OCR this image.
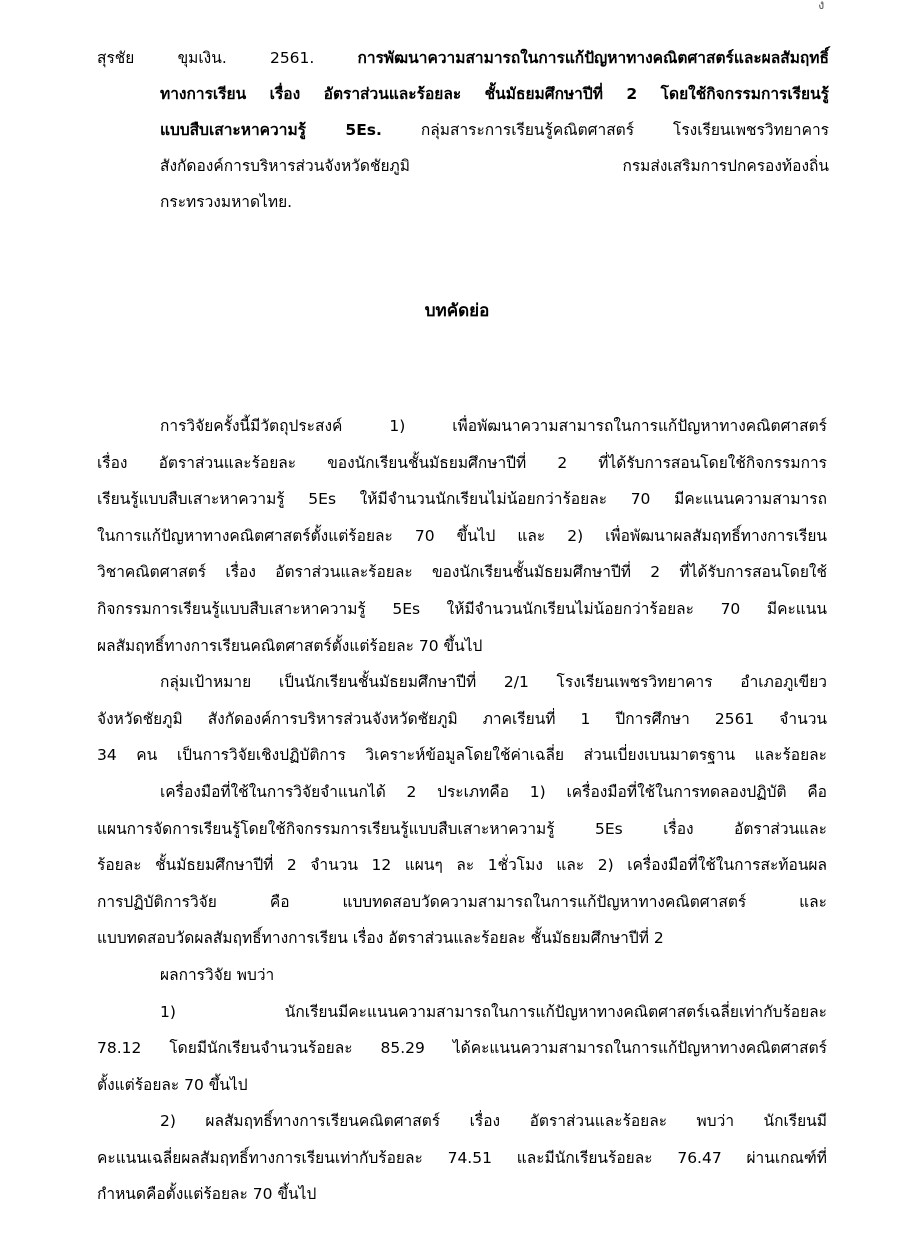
ง
สุรชัย ขุมเงิน. 2561. การพัฒนาความสามารถในการแก้ปัญหาทางคณิตศาสตร์และผลสัมฤทธิ์
ทางการเรียน เรื่อง อัตราส่วนและร้อยละ ชั้นมัธยมศึกษาปีที่ 2 โดยใช้กิจกรรมการเรียนรู้
แบบสืบเสาะหาความรู้ 5Es. กลุ่มสาระการเรียนรู้คณิตศาสตร์ โรงเรียนเพชรวิทยาคาร
สังกัดองค์การบริหารส่วนจังหวัดชัยภูมิ กรมส่งเสริมการปกครองท้องถิ่น
กระทรวงมหาดไทย.
บทคัดย่อ
การวิจัยครั้งนี้มีวัตถุประสงค์ 1) เพื่อพัฒนาความสามารถในการแก้ปัญหาทางคณิตศาสตร์
เรื่อง อัตราส่วนและร้อยละ ของนักเรียนชั้นมัธยมศึกษาปีที่ 2 ที่ได้รับการสอนโดยใช้กิจกรรมการ
เรียนรู้แบบสืบเสาะหาความรู้ 5Es ให้มีจำนวนนักเรียนไม่น้อยกว่าร้อยละ 70 มีคะแนนความสามารถ
ในการแก้ปัญหาทางคณิตศาสตร์ตั้งแต่ร้อยละ 70 ขึ้นไป และ 2) เพื่อพัฒนาผลสัมฤทธิ์ทางการเรียน
วิชาคณิตศาสตร์ เรื่อง อัตราส่วนและร้อยละ ของนักเรียนชั้นมัธยมศึกษาปีที่ 2 ที่ได้รับการสอนโดยใช้
กิจกรรมการเรียนรู้แบบสืบเสาะหาความรู้ 5Es ให้มีจำนวนนักเรียนไม่น้อยกว่าร้อยละ 70 มีคะแนน
ผลสัมฤทธิ์ทางการเรียนคณิตศาสตร์ตั้งแต่ร้อยละ 70 ขึ้นไป
กลุ่มเป้าหมาย เป็นนักเรียนชั้นมัธยมศึกษาปีที่ 2/1 โรงเรียนเพชรวิทยาคาร อำเภอภูเขียว
จังหวัดชัยภูมิ สังกัดองค์การบริหารส่วนจังหวัดชัยภูมิ ภาคเรียนที่ 1 ปีการศึกษา 2561 จำนวน
34 คน เป็นการวิจัยเชิงปฏิบัติการ วิเคราะห์ข้อมูลโดยใช้ค่าเฉลี่ย ส่วนเบี่ยงเบนมาตรฐาน และร้อยละ
เครื่องมือที่ใช้ในการวิจัยจำแนกได้ 2 ประเภทคือ 1) เครื่องมือที่ใช้ในการทดลองปฏิบัติ คือ
แผนการจัดการเรียนรู้โดยใช้กิจกรรมการเรียนรู้แบบสืบเสาะหาความรู้ 5Es เรื่อง อัตราส่วนและ
ร้อยละ ชั้นมัธยมศึกษาปีที่ 2 จำนวน 12 แผนๆ ละ 1ชั่วโมง และ 2) เครื่องมือที่ใช้ในการสะท้อนผล
การปฏิบัติการวิจัย คือ แบบทดสอบวัดความสามารถในการแก้ปัญหาทางคณิตศาสตร์ และ
แบบทดสอบวัดผลสัมฤทธิ์ทางการเรียน เรื่อง อัตราส่วนและร้อยละ ชั้นมัธยมศึกษาปีที่ 2
ผลการวิจัย พบว่า
1) นักเรียนมีคะแนนความสามารถในการแก้ปัญหาทางคณิตศาสตร์เฉลี่ยเท่ากับร้อยละ
78.12 โดยมีนักเรียนจำนวนร้อยละ 85.29 ได้คะแนนความสามารถในการแก้ปัญหาทางคณิตศาสตร์
ตั้งแต่ร้อยละ 70 ขึ้นไป
2) ผลสัมฤทธิ์ทางการเรียนคณิตศาสตร์ เรื่อง อัตราส่วนและร้อยละ พบว่า นักเรียนมี
คะแนนเฉลี่ยผลสัมฤทธิ์ทางการเรียนเท่ากับร้อยละ 74.51 และมีนักเรียนร้อยละ 76.47 ผ่านเกณฑ์ที่
กำหนดคือตั้งแต่ร้อยละ 70 ขึ้นไป
